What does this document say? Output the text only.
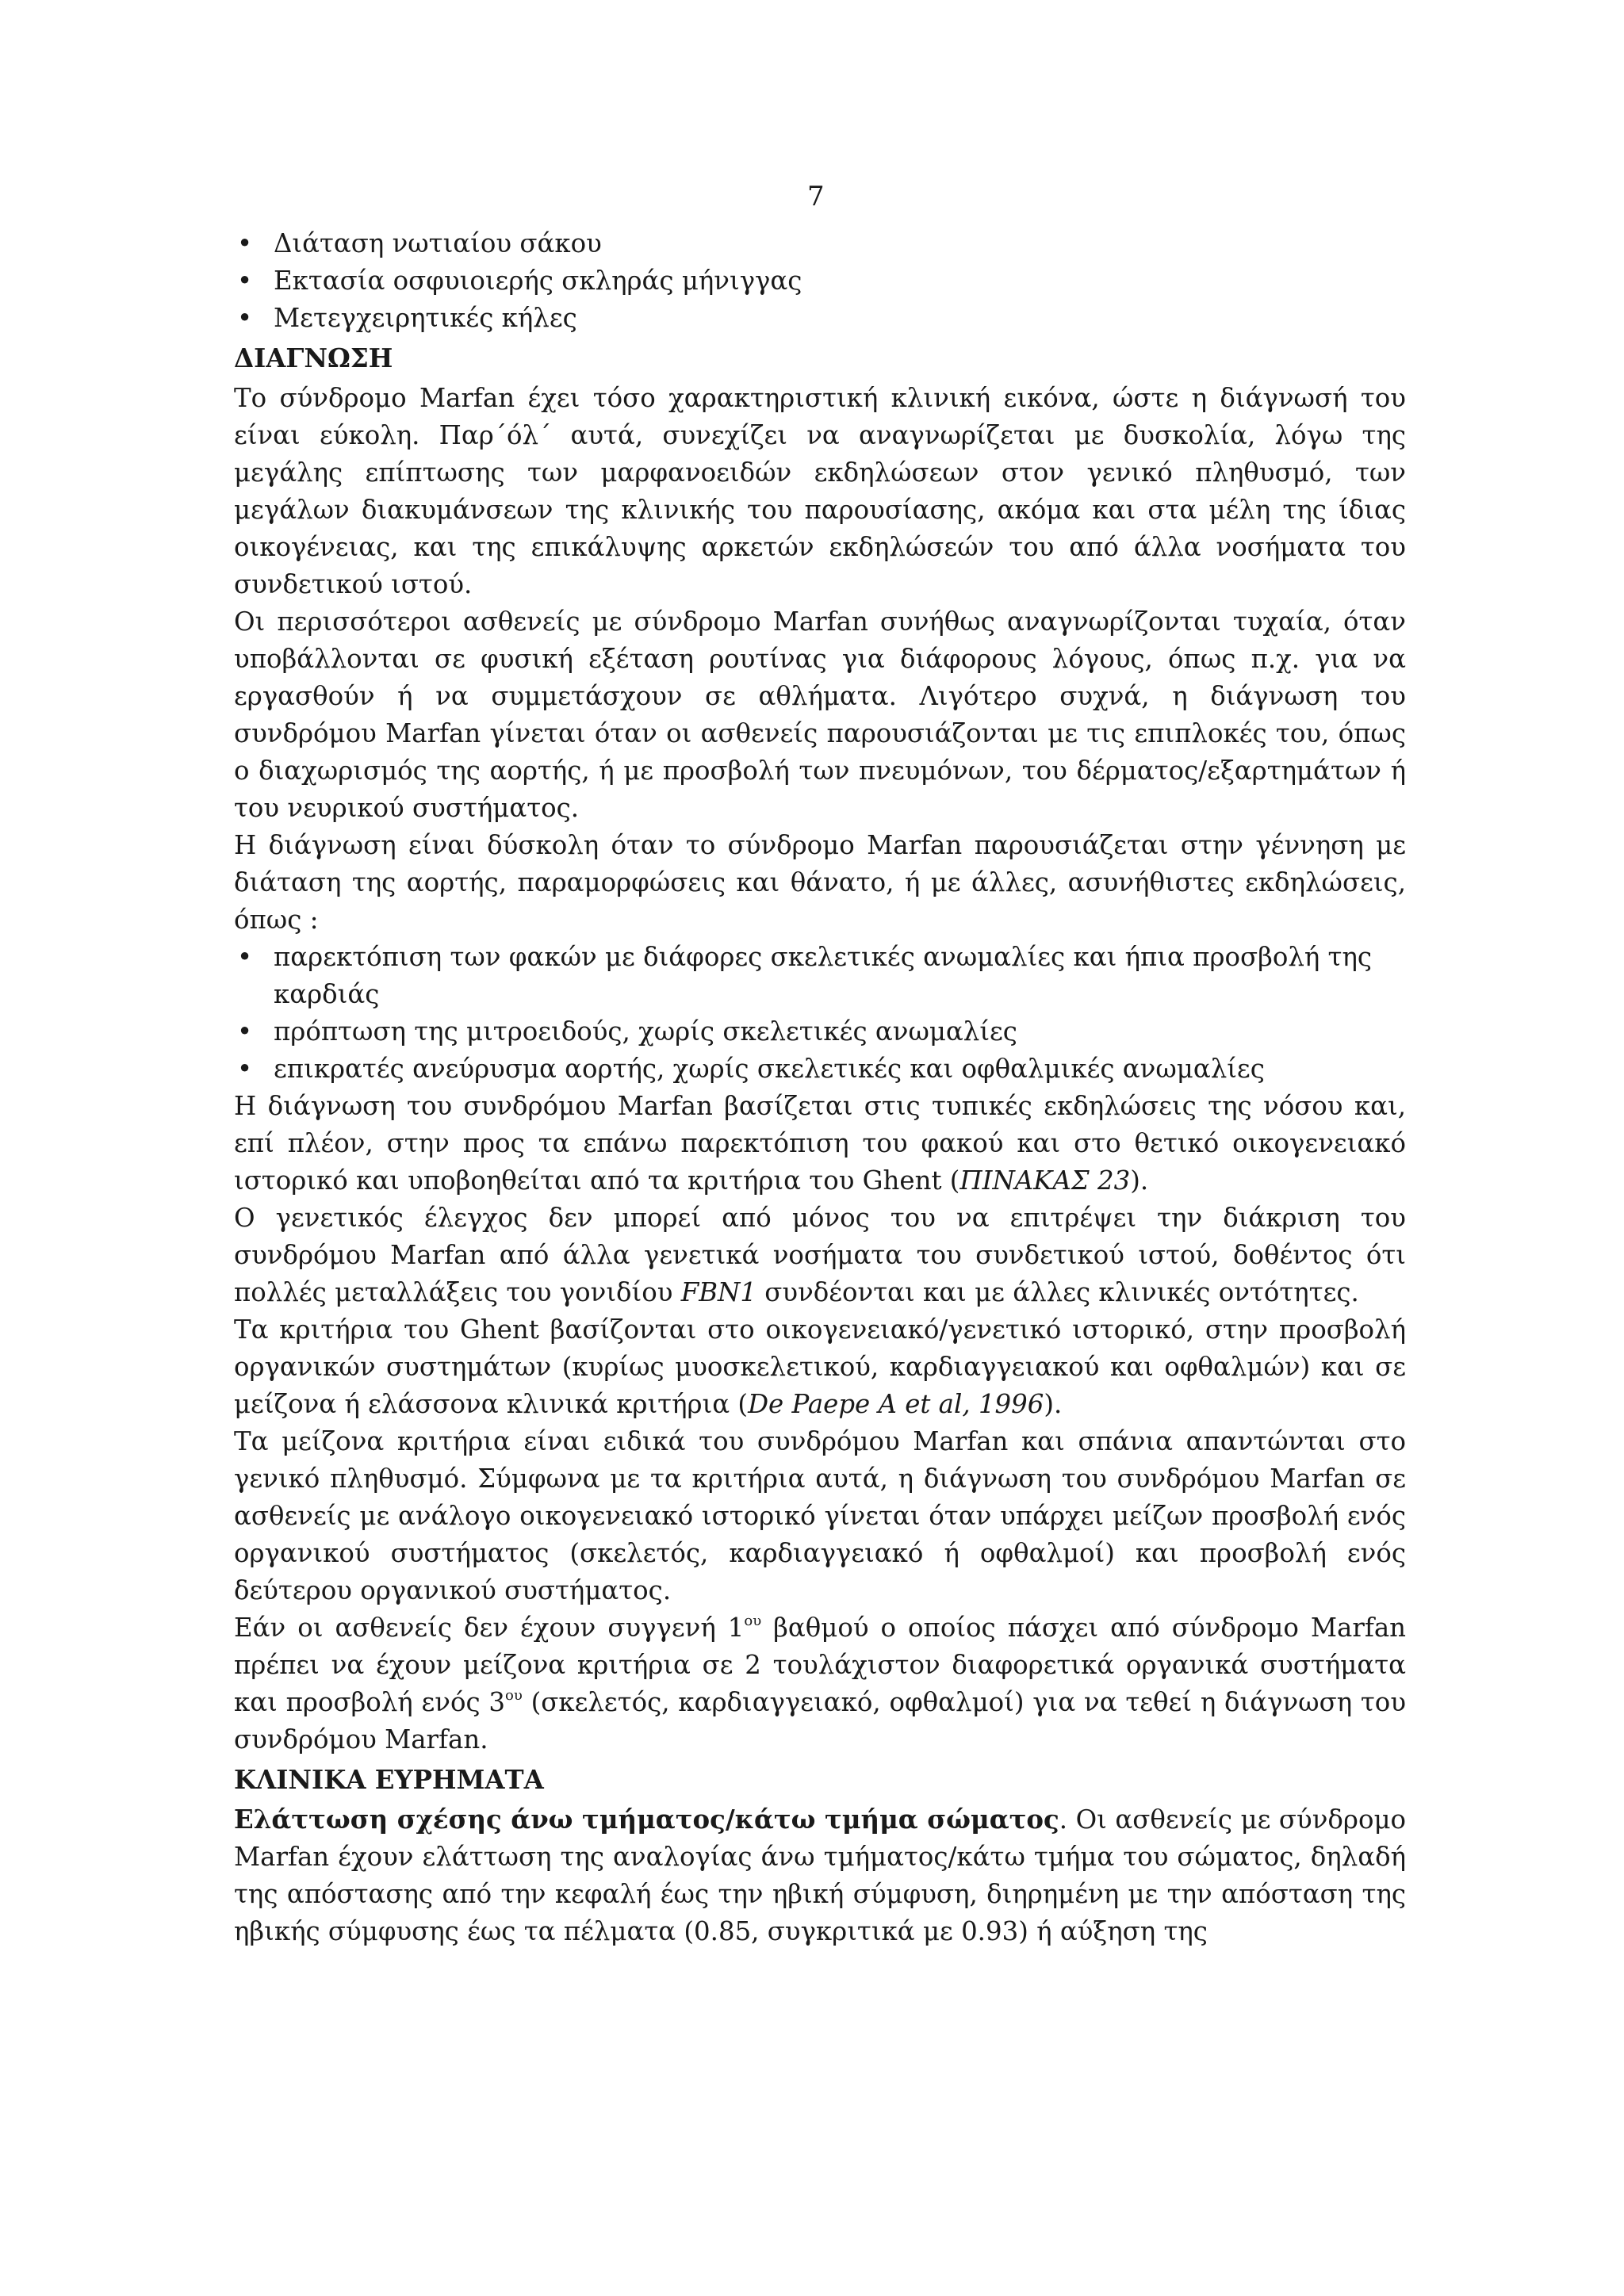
7
• Διάταση νωτιαίου σάκου
• Εκτασία οσφυιοιερής σκληράς μήνιγγας
• Μετεγχειρητικές κήλες
ΔΙΑΓΝΩΣΗ

Το σύνδρομο Marfan έχει τόσο χαρακτηριστική κλινική εικόνα, ώστε η διάγνωσή του είναι εύκολη. Παρ΄όλ΄ αυτά, συνεχίζει να αναγνωρίζεται με δυσκολία, λόγω της μεγάλης επίπτωσης των μαρφανοειδών εκδηλώσεων στον γενικό πληθυσμό, των μεγάλων διακυμάνσεων της κλινικής του παρουσίασης, ακόμα και στα μέλη της ίδιας οικογένειας, και της επικάλυψης αρκετών εκδηλώσεών του από άλλα νοσήματα του συνδετικού ιστού.

Οι περισσότεροι ασθενείς με σύνδρομο Marfan συνήθως αναγνωρίζονται τυχαία, όταν υποβάλλονται σε φυσική εξέταση ρουτίνας για διάφορους λόγους, όπως π.χ. για να εργασθούν ή να συμμετάσχουν σε αθλήματα. Λιγότερο συχνά, η διάγνωση του συνδρόμου Marfan γίνεται όταν οι ασθενείς παρουσιάζονται με τις επιπλοκές του, όπως ο διαχωρισμός της αορτής, ή με προσβολή των πνευμόνων, του δέρματος/εξαρτημάτων ή του νευρικού συστήματος.

Η διάγνωση είναι δύσκολη όταν το σύνδρομο Marfan παρουσιάζεται στην γέννηση με διάταση της αορτής, παραμορφώσεις και θάνατο, ή με άλλες, ασυνήθιστες εκδηλώσεις, όπως :

• παρεκτόπιση των φακών με διάφορες σκελετικές ανωμαλίες και ήπια προσβολή της καρδιάς
• πρόπτωση της μιτροειδούς, χωρίς σκελετικές ανωμαλίες
• επικρατές ανεύρυσμα αορτής, χωρίς σκελετικές και οφθαλμικές ανωμαλίες

Η διάγνωση του συνδρόμου Marfan βασίζεται στις τυπικές εκδηλώσεις της νόσου και, επί πλέον, στην προς τα επάνω παρεκτόπιση του φακού και στο θετικό οικογενειακό ιστορικό και υποβοηθείται από τα κριτήρια του Ghent (ΠΙΝΑΚΑΣ 23).

Ο γενετικός έλεγχος δεν μπορεί από μόνος του να επιτρέψει την διάκριση του συνδρόμου Marfan από άλλα γενετικά νοσήματα του συνδετικού ιστού, δοθέντος ότι πολλές μεταλλάξεις του γονιδίου FBN1 συνδέονται και με άλλες κλινικές οντότητες.

Τα κριτήρια του Ghent βασίζονται στο οικογενειακό/γενετικό ιστορικό, στην προσβολή οργανικών συστημάτων (κυρίως μυοσκελετικού, καρδιαγγειακού και οφθαλμών) και σε μείζονα ή ελάσσονα κλινικά κριτήρια (De Paepe A et al, 1996).

Τα μείζονα κριτήρια είναι ειδικά του συνδρόμου Marfan και σπάνια απαντώνται στο γενικό πληθυσμό. Σύμφωνα με τα κριτήρια αυτά, η διάγνωση του συνδρόμου Marfan σε ασθενείς με ανάλογο οικογενειακό ιστορικό γίνεται όταν υπάρχει μείζων προσβολή ενός οργανικού συστήματος (σκελετός, καρδιαγγειακό ή οφθαλμοί) και προσβολή ενός δεύτερου οργανικού συστήματος.

Εάν οι ασθενείς δεν έχουν συγγενή $1^{o\upsilon}$ βαθμού ο οποίος πάσχει από σύνδρομο Marfan πρέπει να έχουν μείζονα κριτήρια σε 2 τουλάχιστον διαφορετικά οργανικά συστήματα και προσβολή ενός $3^{o\upsilon}$ (σκελετός, καρδιαγγειακό, οφθαλμοί) για να τεθεί η διάγνωση του συνδρόμου Marfan.

ΚΛΙΝΙΚΑ ΕΥΡΗΜΑΤΑ

Ελάττωση σχέσης άνω τμήματος/κάτω τμήμα σώματος. Οι ασθενείς με σύνδρομο Marfan έχουν ελάττωση της αναλογίας άνω τμήματος/κάτω τμήμα του σώματος, δηλαδή της απόστασης από την κεφαλή έως την ηβική σύμφυση, διηρημένη με την απόσταση της ηβικής σύμφυσης έως τα πέλματα (0.85, συγκριτικά με 0.93) ή αύξηση της
